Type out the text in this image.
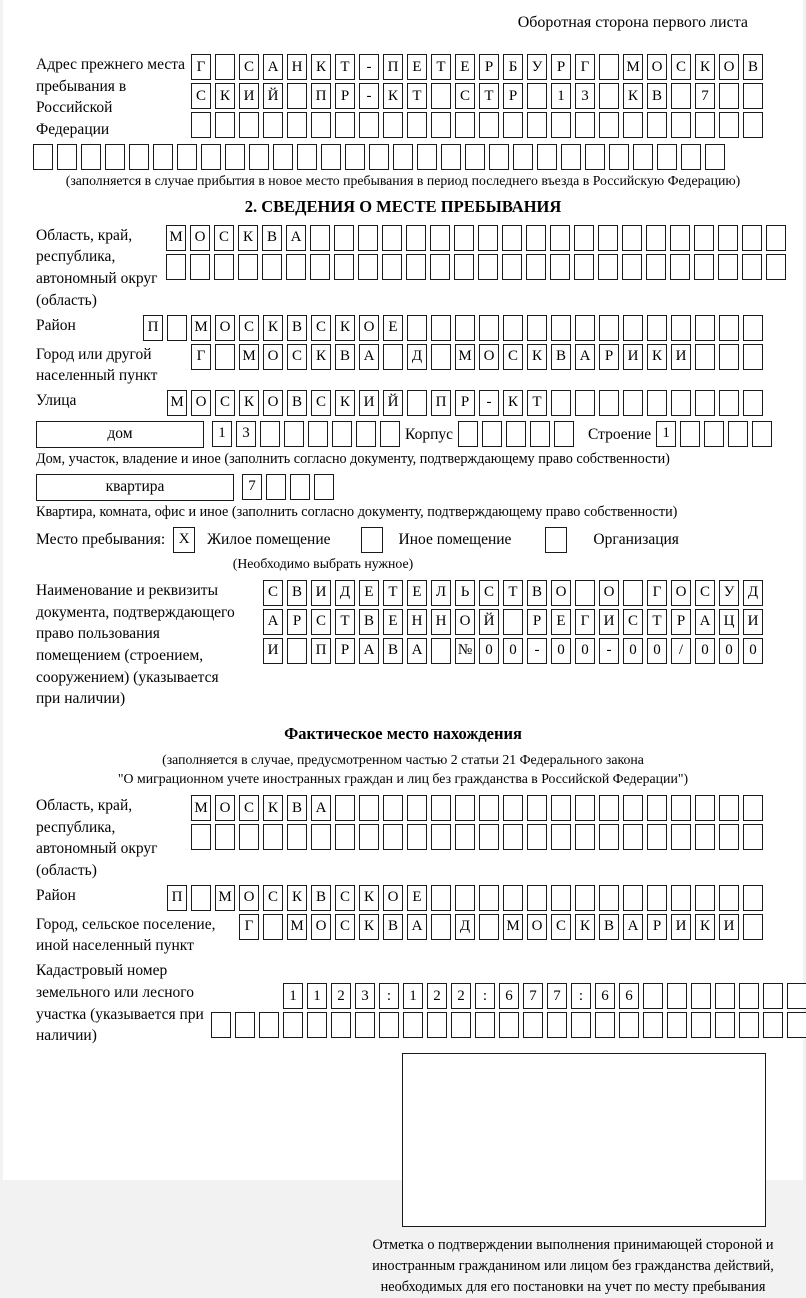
Оборотная сторона первого листа
Адрес прежнего места пребывания в Российской Федерации
Г	С А Н К Т	-	П Е Т Е	Р	Б У Р	Г	М О С К О В
С К И Й	П Р	-	К Т	С Т	Р	1	3	К В	7
(заполняется в случае прибытия в новое место пребывания в период последнего въезда в Российскую Федерацию)
2. СВЕДЕНИЯ О МЕСТЕ ПРЕБЫВАНИЯ
Область, край, республика, автономный округ (область)
М О С К В А
Район	П	М О С К В С К О Е
Город или другой населенный пункт
Г	М О С К В А	Д	М О С К В А Р И К И
Улица	М О С К О В С К И Й	П Р	-	К Т
дом	1	3	Корпус	Строение 1
Дом, участок, владение и иное (заполнить согласно документу, подтверждающему право собственности)
квартира	7
Квартира, комната, офис и иное (заполнить согласно документу, подтверждающему право собственности)
Место пребывания: X	Жилое помещение	Иное помещение	Организация
(Необходимо выбрать нужное)
Наименование и реквизиты документа, подтверждающего право пользования помещением (строением, сооружением) (указывается при наличии)
С В И Д Е Т Е Л Ь С Т В О	О	Г О С У Д
А Р С Т В Е Н Н О Й	Р	Е	Г И С Т	Р А Ц И
И	П Р А В А	№ 0	0	-	0	0	-	0	0	/	0	0	0
Фактическое место нахождения
(заполняется в случае, предусмотренном частью 2 статьи 21 Федерального закона
"О миграционном учете иностранных граждан и лиц без гражданства в Российской Федерации")
Область, край, республика, автономный округ (область)
М О С К В А
Район	П	М О С К В С К О Е
Город, сельское поселение, иной населенный пункт
Г	М О С К В А	Д	М О С К В А Р И К И
Кадастровый номер земельного или лесного участка (указывается при наличии)
1	1	2	3	:	1	2	2	:	6	7	7	:	6	6
Отметка о подтверждении выполнения принимающей стороной и иностранным гражданином или лицом без гражданства действий, необходимых для его постановки на учет по месту пребывания
